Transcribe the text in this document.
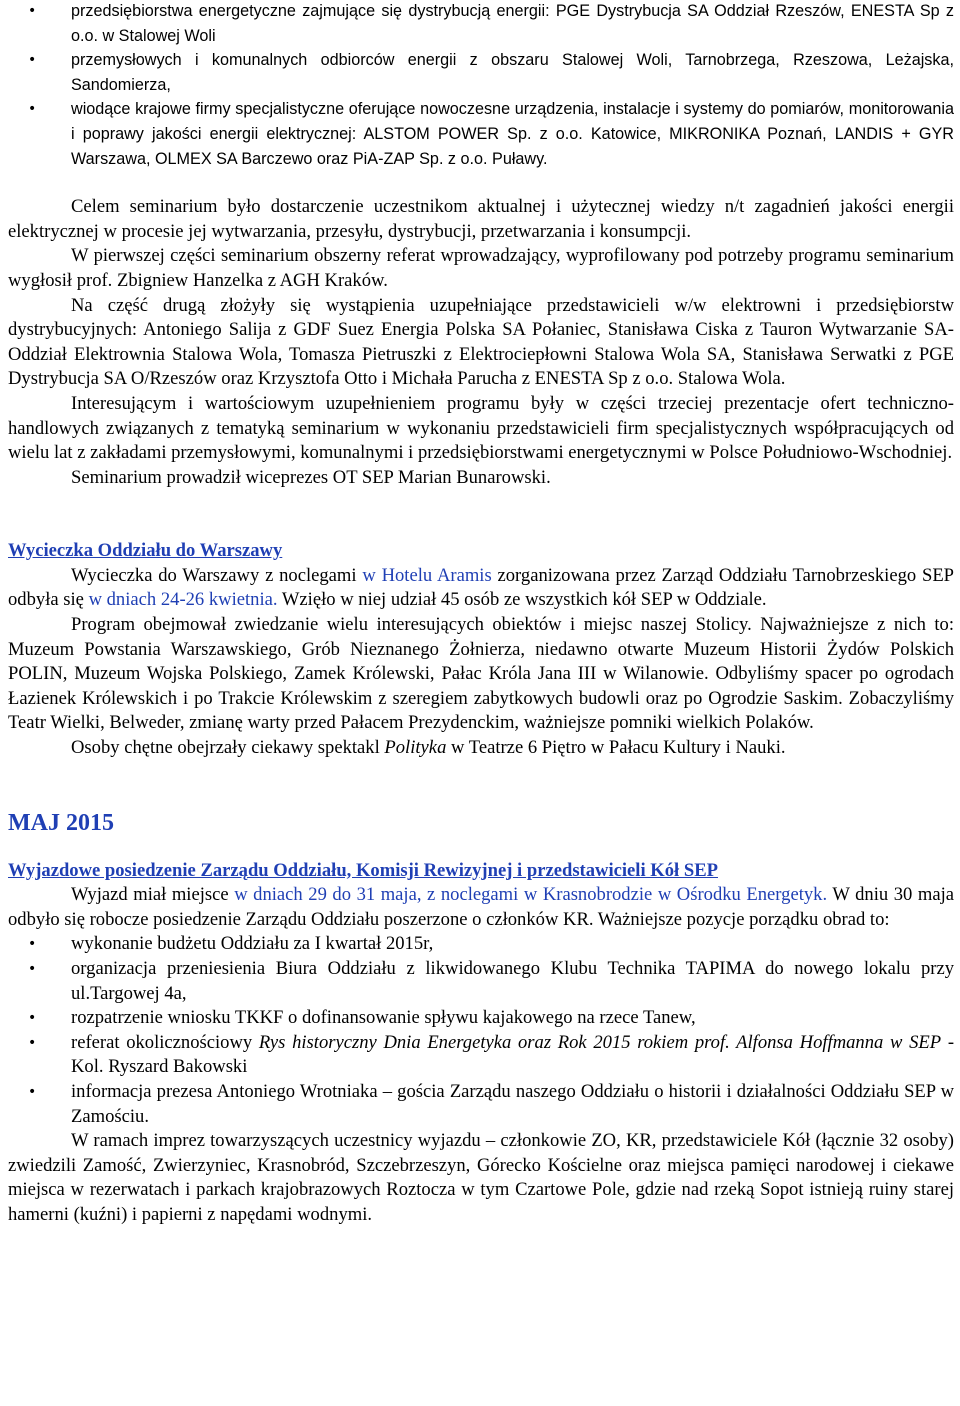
• przedsiębiorstwa energetyczne zajmujące się dystrybucją energii: PGE Dystrybucja SA Oddział Rzeszów, ENESTA Sp z o.o. w Stalowej Woli
• przemysłowych i komunalnych odbiorców energii z obszaru Stalowej Woli, Tarnobrzega, Rzeszowa, Leżajska, Sandomierza,
• wiodące krajowe firmy specjalistyczne oferujące nowoczesne urządzenia, instalacje i systemy do pomiarów, monitorowania i poprawy jakości energii elektrycznej: ALSTOM POWER Sp. z o.o. Katowice, MIKRONIKA Poznań, LANDIS + GYR Warszawa, OLMEX SA Barczewo oraz PiA-ZAP Sp. z o.o. Puławy.

Celem seminarium było dostarczenie uczestnikom aktualnej i użytecznej wiedzy n/t zagadnień jakości energii elektrycznej w procesie jej wytwarzania, przesyłu, dystrybucji, przetwarzania i konsumpcji.

W pierwszej części seminarium obszerny referat wprowadzający, wyprofilowany pod potrzeby programu seminarium wygłosił prof. Zbigniew Hanzelka z AGH Kraków.

Na część drugą złożyły się wystąpienia uzupełniające przedstawicieli w/w elektrowni i przedsiębiorstw dystrybucyjnych: Antoniego Salija z GDF Suez Energia Polska SA Połaniec, Stanisława Ciska z Tauron Wytwarzanie SA-Oddział Elektrownia Stalowa Wola, Tomasza Pietruszki z Elektrociepłowni Stalowa Wola SA, Stanisława Serwatki z PGE Dystrybucja SA O/Rzeszów oraz Krzysztofa Otto i Michała Parucha z ENESTA Sp z o.o. Stalowa Wola.

Interesującym i wartościowym uzupełnieniem programu były w części trzeciej prezentacje ofert techniczno-handlowych związanych z tematyką seminarium w wykonaniu przedstawicieli firm specjalistycznych współpracujących od wielu lat z zakładami przemysłowymi, komunalnymi i przedsiębiorstwami energetycznymi w Polsce Południowo-Wschodniej.

Seminarium prowadził wiceprezes OT SEP Marian Bunarowski.

Wycieczka Oddziału do Warszawy

Wycieczka do Warszawy z noclegami w Hotelu Aramis zorganizowana przez Zarząd Oddziału Tarnobrzeskiego SEP odbyła się w dniach 24-26 kwietnia. Wzięło w niej udział 45 osób ze wszystkich kół SEP w Oddziale.

Program obejmował zwiedzanie wielu interesujących obiektów i miejsc naszej Stolicy. Najważniejsze z nich to: Muzeum Powstania Warszawskiego, Grób Nieznanego Żołnierza, niedawno otwarte Muzeum Historii Żydów Polskich POLIN, Muzeum Wojska Polskiego, Zamek Królewski, Pałac Króla Jana III w Wilanowie. Odbyliśmy spacer po ogrodach Łazienek Królewskich i po Trakcie Królewskim z szeregiem zabytkowych budowli oraz po Ogrodzie Saskim. Zobaczyliśmy Teatr Wielki, Belweder, zmianę warty przed Pałacem Prezydenckim, ważniejsze pomniki wielkich Polaków.

Osoby chętne obejrzały ciekawy spektakl Polityka w Teatrze 6 Piętro w Pałacu Kultury i Nauki.

MAJ 2015

Wyjazdowe posiedzenie Zarządu Oddziału, Komisji Rewizyjnej i przedstawicieli Kół SEP

Wyjazd miał miejsce w dniach 29 do 31 maja, z noclegami w Krasnobrodzie w Ośrodku Energetyk. W dniu 30 maja odbyło się robocze posiedzenie Zarządu Oddziału poszerzone o członków KR. Ważniejsze pozycje porządku obrad to:

• wykonanie budżetu Oddziału za I kwartał 2015r,
• organizacja przeniesienia Biura Oddziału z likwidowanego Klubu Technika TAPIMA do nowego lokalu przy ul.Targowej 4a,
• rozpatrzenie wniosku TKKF o dofinansowanie spływu kajakowego na rzece Tanew,
• referat okolicznościowy Rys historyczny Dnia Energetyka oraz Rok 2015 rokiem prof. Alfonsa Hoffmanna w SEP - Kol. Ryszard Bakowski
• informacja prezesa Antoniego Wrotniaka – gościa Zarządu naszego Oddziału o historii i działalności Oddziału SEP w Zamościu.

W ramach imprez towarzyszących uczestnicy wyjazdu – członkowie ZO, KR, przedstawiciele Kół (łącznie 32 osoby) zwiedzili Zamość, Zwierzyniec, Krasnobród, Szczebrzeszyn, Górecko Kościelne oraz miejsca pamięci narodowej i ciekawe miejsca w rezerwatach i parkach krajobrazowych Roztocza w tym Czartowe Pole, gdzie nad rzeką Sopot istnieją ruiny starej hamerni (kuźni) i papierni z napędami wodnymi.
